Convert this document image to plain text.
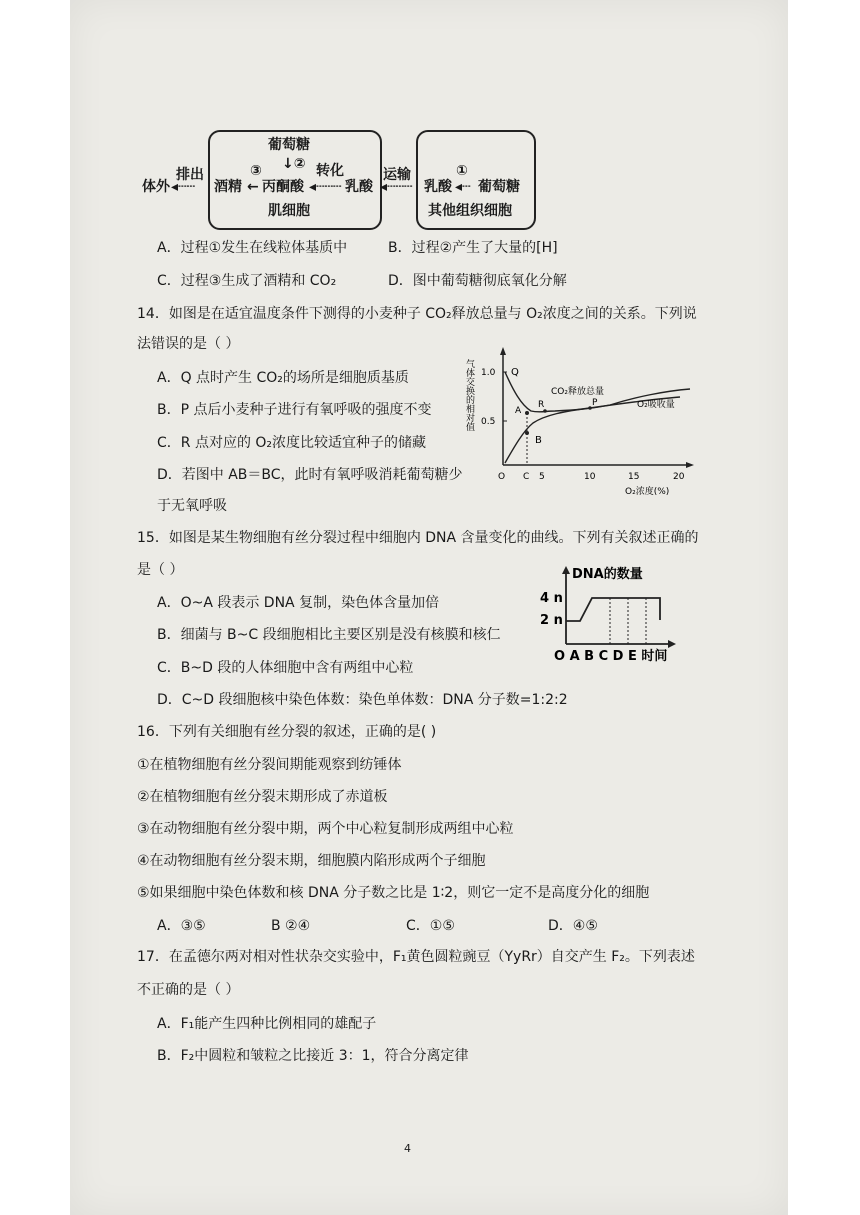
葡萄糖
↓②
③	转化
体外
排出
◂┄┄ 酒精 ← 丙酮酸 ◂┄┄┄ 乳酸
肌细胞
运输
◂┄┄┄
①
乳酸 ◂┄ 葡萄糖
其他组织细胞
A．过程①发生在线粒体基质中	B．过程②产生了大量的[H]
C．过程③生成了酒精和 CO₂	D．图中葡萄糖彻底氧化分解
14．如图是在适宜温度条件下测得的小麦种子 CO₂释放总量与 O₂浓度之间的关系。下列说
法错误的是（ ）
A．Q 点时产生 CO₂的场所是细胞质基质
B．P 点后小麦种子进行有氧呼吸的强度不变
C．R 点对应的 O₂浓度比较适宜种子的储藏
D．若图中 AB＝BC，此时有氧呼吸消耗葡萄糖少
于无氧呼吸
气体交换的相对值 1.0
0.5
Q
A
R	P
B
CO₂释放总量
O₂吸收量
O C 5	10	15	20
O₂浓度(%)
15．如图是某生物细胞有丝分裂过程中细胞内 DNA 含量变化的曲线。下列有关叙述正确的
是（ ）
A．O~A 段表示 DNA 复制，染色体含量加倍
B．细菌与 B~C 段细胞相比主要区别是没有核膜和核仁
C．B~D 段的人体细胞中含有两组中心粒
D．C~D 段细胞核中染色体数：染色单体数：DNA 分子数=1:2:2
DNA的数量
4 n
2 n
O A B C D E 时间
16．下列有关细胞有丝分裂的叙述，正确的是( )
①在植物细胞有丝分裂间期能观察到纺锤体
②在植物细胞有丝分裂末期形成了赤道板
③在动物细胞有丝分裂中期，两个中心粒复制形成两组中心粒
④在动物细胞有丝分裂末期，细胞膜内陷形成两个子细胞
⑤如果细胞中染色体数和核 DNA 分子数之比是 1∶2，则它一定不是高度分化的细胞
A．③⑤	B ②④	C．①⑤	D．④⑤
17．在孟德尔两对相对性状杂交实验中，F₁黄色圆粒豌豆（YyRr）自交产生 F₂。下列表述
不正确的是（ ）
A．F₁能产生四种比例相同的雄配子
B．F₂中圆粒和皱粒之比接近 3：1，符合分离定律
4
